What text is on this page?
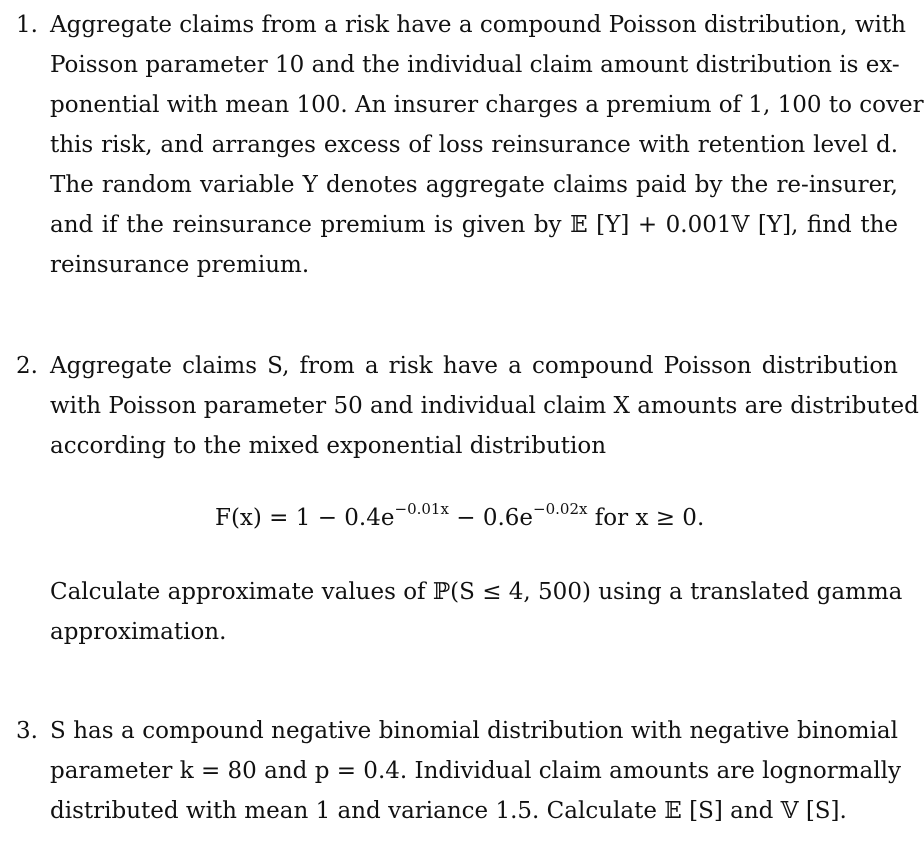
1. Aggregate claims from a risk have a compound Poisson distribution, with
Poisson parameter 10 and the individual claim amount distribution is ex-
ponential with mean 100. An insurer charges a premium of 1, 100 to cover
this risk, and arranges excess of loss reinsurance with retention level d.
The random variable Y denotes aggregate claims paid by the re-insurer,
and if the reinsurance premium is given by 𝔼 [Y] + 0.001𝕍 [Y], find the
reinsurance premium.
2. Aggregate claims S, from a risk have a compound Poisson distribution
with Poisson parameter 50 and individual claim X amounts are distributed
according to the mixed exponential distribution
$F(x) = 1 - 0.4e^{-0.01x} - 0.6e^{-0.02x}$ for x ≥ 0.
Calculate approximate values of ℙ(S ≤ 4, 500) using a translated gamma
approximation.
3. S has a compound negative binomial distribution with negative binomial
parameter k = 80 and p = 0.4. Individual claim amounts are lognormally
distributed with mean 1 and variance 1.5. Calculate 𝔼 [S] and 𝕍 [S].
